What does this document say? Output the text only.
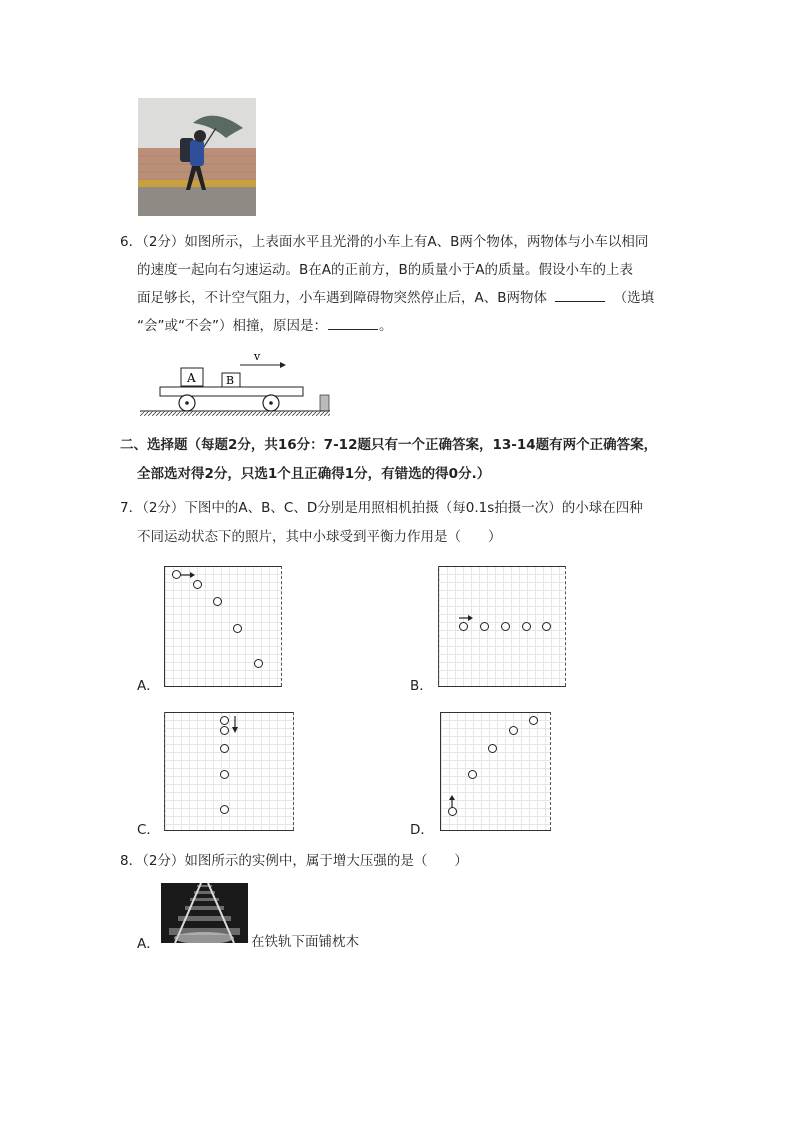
6．（2分）如图所示，上表面水平且光滑的小车上有A、B两个物体，两物体与小车以相同
的速度一起向右匀速运动。B在A的正前方，B的质量小于A的质量。假设小车的上表
面足够长，不计空气阻力，小车遇到障碍物突然停止后，A、B两物体	（选填
“会”或“不会”）相撞，原因是：	。
v
A	B
二、选择题（每题2分，共16分：7-12题只有一个正确答案，13-14题有两个正确答案，
全部选对得2分，只选1个且正确得1分，有错选的得0分.）
7．（2分）下图中的A、B、C、D分别是用照相机拍摄（每0.1s拍摄一次）的小球在四种
不同运动状态下的照片，其中小球受到平衡力作用是（　　）
A．	B．
C．	D．
8．（2分）如图所示的实例中，属于增大压强的是（　　）
A．	在铁轨下面铺枕木
